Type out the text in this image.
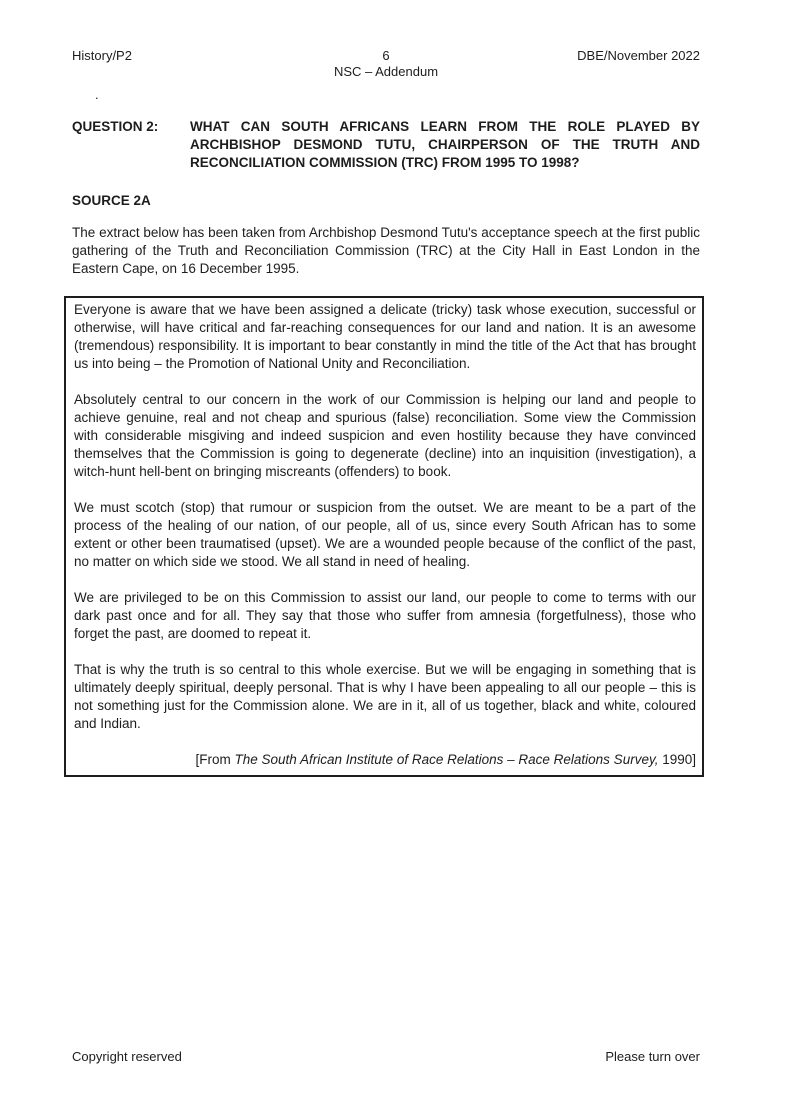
History/P2	6
NSC – Addendum
DBE/November 2022
.
QUESTION 2:	WHAT CAN SOUTH AFRICANS LEARN FROM THE ROLE PLAYED BY ARCHBISHOP DESMOND TUTU, CHAIRPERSON OF THE TRUTH AND RECONCILIATION COMMISSION (TRC) FROM 1995 TO 1998?
SOURCE 2A

The extract below has been taken from Archbishop Desmond Tutu's acceptance speech at the first public gathering of the Truth and Reconciliation Commission (TRC) at the City Hall in East London in the Eastern Cape, on 16 December 1995.

Everyone is aware that we have been assigned a delicate (tricky) task whose execution, successful or otherwise, will have critical and far-reaching consequences for our land and nation. It is an awesome (tremendous) responsibility. It is important to bear constantly in mind the title of the Act that has brought us into being – the Promotion of National Unity and Reconciliation.

Absolutely central to our concern in the work of our Commission is helping our land and people to achieve genuine, real and not cheap and spurious (false) reconciliation. Some view the Commission with considerable misgiving and indeed suspicion and even hostility because they have convinced themselves that the Commission is going to degenerate (decline) into an inquisition (investigation), a witch-hunt hell-bent on bringing miscreants (offenders) to book.

We must scotch (stop) that rumour or suspicion from the outset. We are meant to be a part of the process of the healing of our nation, of our people, all of us, since every South African has to some extent or other been traumatised (upset). We are a wounded people because of the conflict of the past, no matter on which side we stood. We all stand in need of healing.

We are privileged to be on this Commission to assist our land, our people to come to terms with our dark past once and for all. They say that those who suffer from amnesia (forgetfulness), those who forget the past, are doomed to repeat it.

That is why the truth is so central to this whole exercise. But we will be engaging in something that is ultimately deeply spiritual, deeply personal. That is why I have been appealing to all our people – this is not something just for the Commission alone. We are in it, all of us together, black and white, coloured and Indian.

[From The South African Institute of Race Relations – Race Relations Survey, 1990]

Copyright reserved	Please turn over
